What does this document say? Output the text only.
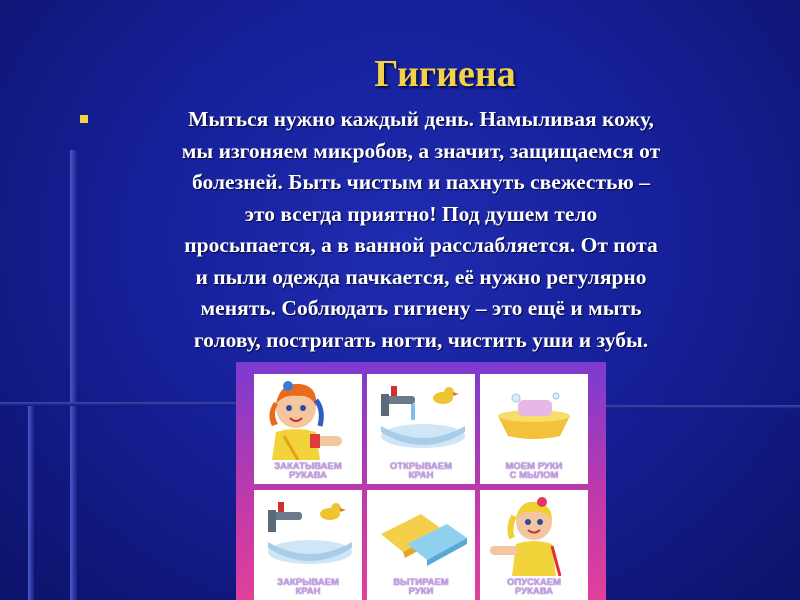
Гигиена
Мыться нужно каждый день. Намыливая кожу,
мы изгоняем микробов, а значит, защищаемся от
болезней. Быть чистым и пахнуть свежестью –
это всегда приятно! Под душем тело
просыпается, а в ванной расслабляется. От пота
и пыли одежда пачкается, её нужно регулярно
менять. Соблюдать гигиену – это ещё и мыть
голову, постригать ногти, чистить уши и зубы.
ЗАКАТЫВАЕМ
РУКАВА
ОТКРЫВАЕМ
КРАН
МОЕМ РУКИ
С МЫЛОМ
ЗАКРЫВАЕМ
КРАН
ВЫТИРАЕМ
РУКИ
ОПУСКАЕМ
РУКАВА
